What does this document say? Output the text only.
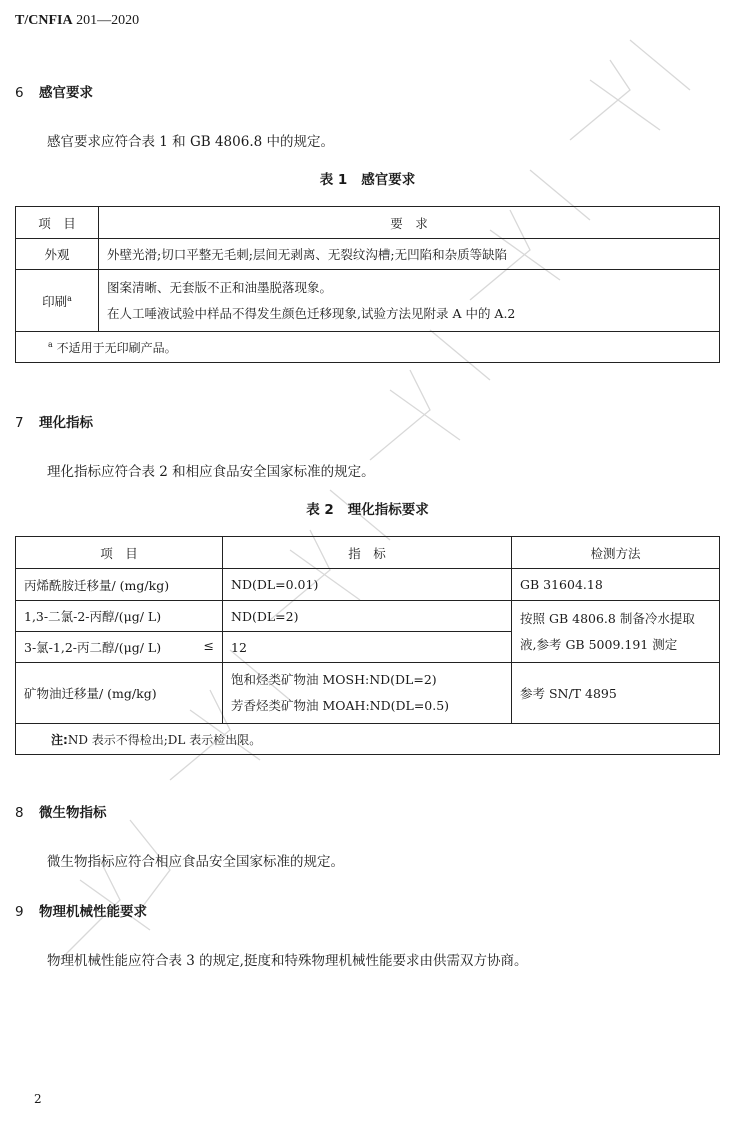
全国团体标准信息平台
T/CNFIA 201—2020
6 感官要求
感官要求应符合表 1 和 GB 4806.8 中的规定。
表 1 感官要求
项　目	要　求
外观	外壁光滑;切口平整无毛刺;层间无剥离、无裂纹沟槽;无凹陷和杂质等缺陷
印刷$^a$	图案清晰、无套版不正和油墨脱落现象。
在人工唾液试验中样品不得发生颜色迁移现象,试验方法见附录 A 中的 A.2

$^a$ 不适用于无印刷产品。	
7 理化指标
理化指标应符合表 2 和相应食品安全国家标准的规定。
表 2 理化指标要求
项　目	指　标	检测方法
丙烯酰胺迁移量/ (mg/kg)	ND(DL=0.01)	GB 31604.18
1,3-二氯-2-丙醇/(μg/ L)	ND(DL=2)	按照 GB 4806.8 制备冷水提取
液,参考 GB 5009.191 测定

3-氯-1,2-丙二醇/(μg/ L) ≤	12	
矿物油迁移量/ (mg/kg)	饱和烃类矿物油 MOSH:ND(DL=2)
芳香烃类矿物油 MOAH:ND(DL=0.5)	参考 SN/T 4895
注:ND 表示不得检出;DL 表示检出限。		
8 微生物指标
微生物指标应符合相应食品安全国家标准的规定。
9 物理机械性能要求
物理机械性能应符合表 3 的规定,挺度和特殊物理机械性能要求由供需双方协商。
2
